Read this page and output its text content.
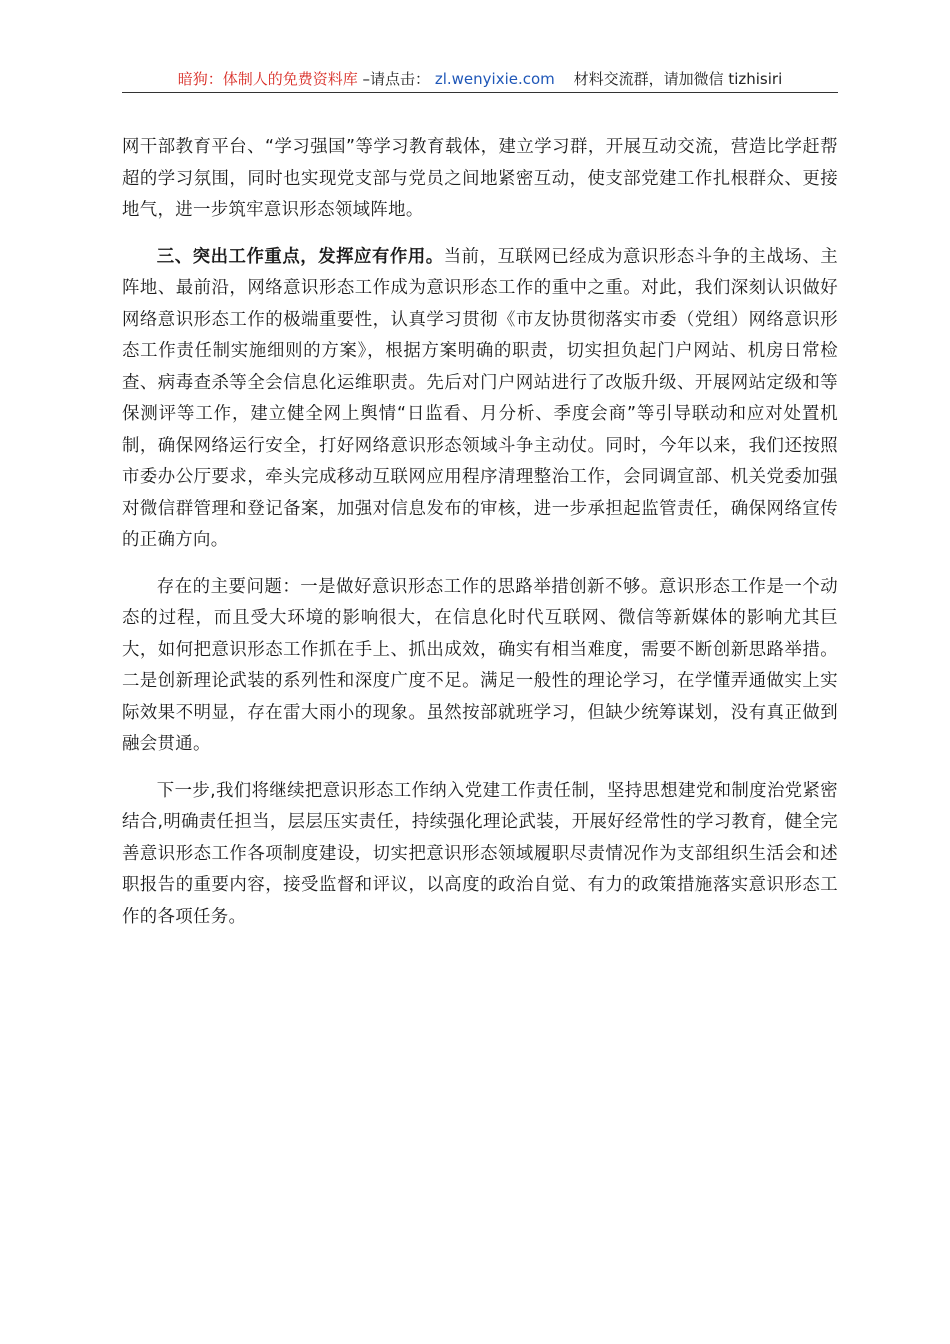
暗狗：体制人的免费资料库 –请点击： zl.wenyixie.com 材料交流群，请加微信 tizhisiri

网干部教育平台、“学习强国”等学习教育载体，建立学习群，开展互动交流，营造比学赶帮超的学习氛围，同时也实现党支部与党员之间地紧密互动，使支部党建工作扎根群众、更接地气，进一步筑牢意识形态领域阵地。

三、突出工作重点，发挥应有作用。当前，互联网已经成为意识形态斗争的主战场、主阵地、最前沿，网络意识形态工作成为意识形态工作的重中之重。对此，我们深刻认识做好网络意识形态工作的极端重要性，认真学习贯彻《市友协贯彻落实市委（党组）网络意识形态工作责任制实施细则的方案》，根据方案明确的职责，切实担负起门户网站、机房日常检查、病毒查杀等全会信息化运维职责。先后对门户网站进行了改版升级、开展网站定级和等保测评等工作，建立健全网上舆情“日监看、月分析、季度会商”等引导联动和应对处置机制，确保网络运行安全，打好网络意识形态领域斗争主动仗。同时，今年以来，我们还按照市委办公厅要求，牵头完成移动互联网应用程序清理整治工作，会同调宣部、机关党委加强对微信群管理和登记备案，加强对信息发布的审核，进一步承担起监管责任，确保网络宣传的正确方向。

存在的主要问题：一是做好意识形态工作的思路举措创新不够。意识形态工作是一个动态的过程，而且受大环境的影响很大，在信息化时代互联网、微信等新媒体的影响尤其巨大，如何把意识形态工作抓在手上、抓出成效，确实有相当难度，需要不断创新思路举措。二是创新理论武装的系列性和深度广度不足。满足一般性的理论学习，在学懂弄通做实上实际效果不明显，存在雷大雨小的现象。虽然按部就班学习，但缺少统筹谋划，没有真正做到融会贯通。

下一步,我们将继续把意识形态工作纳入党建工作责任制，坚持思想建党和制度治党紧密结合,明确责任担当，层层压实责任，持续强化理论武装，开展好经常性的学习教育，健全完善意识形态工作各项制度建设，切实把意识形态领域履职尽责情况作为支部组织生活会和述职报告的重要内容，接受监督和评议，以高度的政治自觉、有力的政策措施落实意识形态工作的各项任务。
